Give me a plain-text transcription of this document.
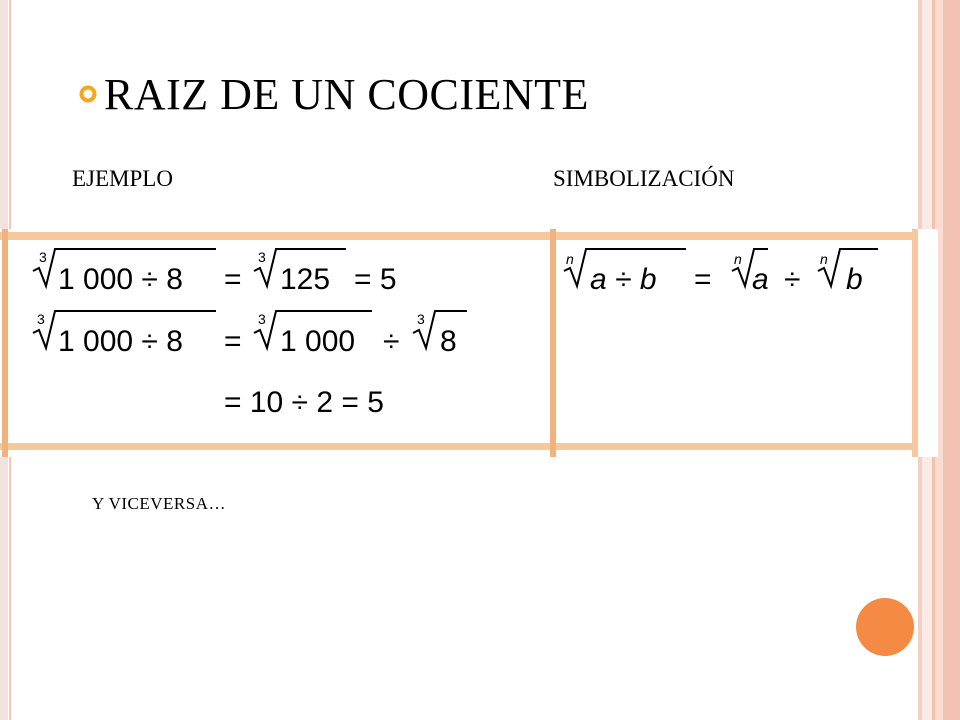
RAIZ DE UN COCIENTE
EJEMPLO	SIMBOLIZACIÓN
3
1 000 ÷ 8 =
3
125 = 5
3
1 000 ÷ 8 =
3
1 000 ÷
3
8
= 10 ÷ 2 = 5
n
a ÷ b =
n
a ÷
n
b
Y VICEVERSA…
